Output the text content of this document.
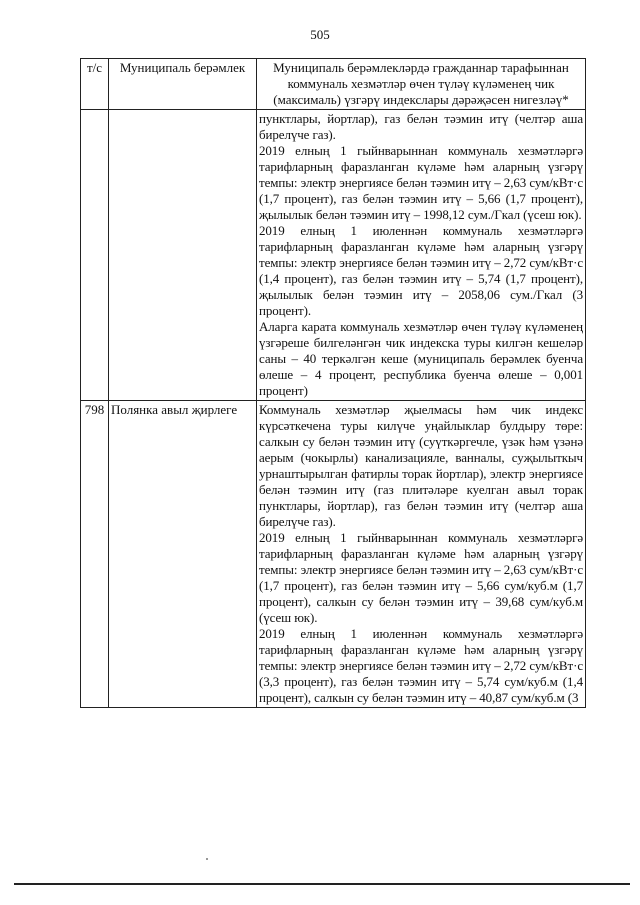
505
т/с	Муниципаль берәмлек	Муниципаль берәмлекләрдә гражданнар тарафыннан коммуналь хезмәтләр өчен түләү күләменең чик (максималь) үзгәрү индекслары дәрәҗәсен нигезләү*

		пунктлары, йортлар), газ белән тәэмин итү (челтәр аша бирелүче газ).

2019 елның 1 гыйнварыннан коммуналь хезмәтләргә тарифларның фаразланган күләме һәм аларның үзгәрү темпы: электр энергиясе белән тәэмин итү – 2,63 сум/кВт·с (1,7 процент), газ белән тәэмин итү – 5,66 (1,7 процент), җылылык белән тәэмин итү – 1998,12 сум./Гкал (үсеш юк).

2019 елның 1 июленнән коммуналь хезмәтләргә тарифларның фаразланган күләме һәм аларның үзгәрү темпы: электр энергиясе белән тәэмин итү – 2,72 сум/кВт·с (1,4 процент), газ белән тәэмин итү – 5,74 (1,7 процент), җылылык белән тәэмин итү – 2058,06 сум./Гкал (3 процент).

Аларга карата коммуналь хезмәтләр өчен түләү күләменең үзгәреше билгеләнгән чик индекска туры килгән кешеләр саны – 40 теркәлгән кеше (муниципаль берәмлек буенча өлеше – 4 процент, республика буенча өлеше – 0,001 процент)

798	Полянка авыл җирлеге	Коммуналь хезмәтләр җыелмасы һәм чик индекс күрсәткечена туры килүче уңайлыклар булдыру төре: салкын су белән тәэмин итү (суүткәргечле, үзәк һәм үзәнә аерым (чокырлы) канализацияле, ванналы, суҗылыткыч урнаштырылган фатирлы торак йортлар), электр энергиясе белән тәэмин итү (газ плитәләре куелган авыл торак пунктлары, йортлар), газ белән тәэмин итү (челтәр аша бирелүче газ).

2019 елның 1 гыйнварыннан коммуналь хезмәтләргә тарифларның фаразланган күләме һәм аларның үзгәрү темпы: электр энергиясе белән тәэмин итү – 2,63 сум/кВт·с (1,7 процент), газ белән тәэмин итү – 5,66 сум/куб.м (1,7 процент), салкын су белән тәэмин итү – 39,68 сум/куб.м (үсеш юк).

2019 елның 1 июленнән коммуналь хезмәтләргә тарифларның фаразланган күләме һәм аларның үзгәрү темпы: электр энергиясе белән тәэмин итү – 2,72 сум/кВт·с (3,3 процент), газ белән тәэмин итү – 5,74 сум/куб.м (1,4 процент), салкын су белән тәэмин итү – 40,87 сум/куб.м (3
